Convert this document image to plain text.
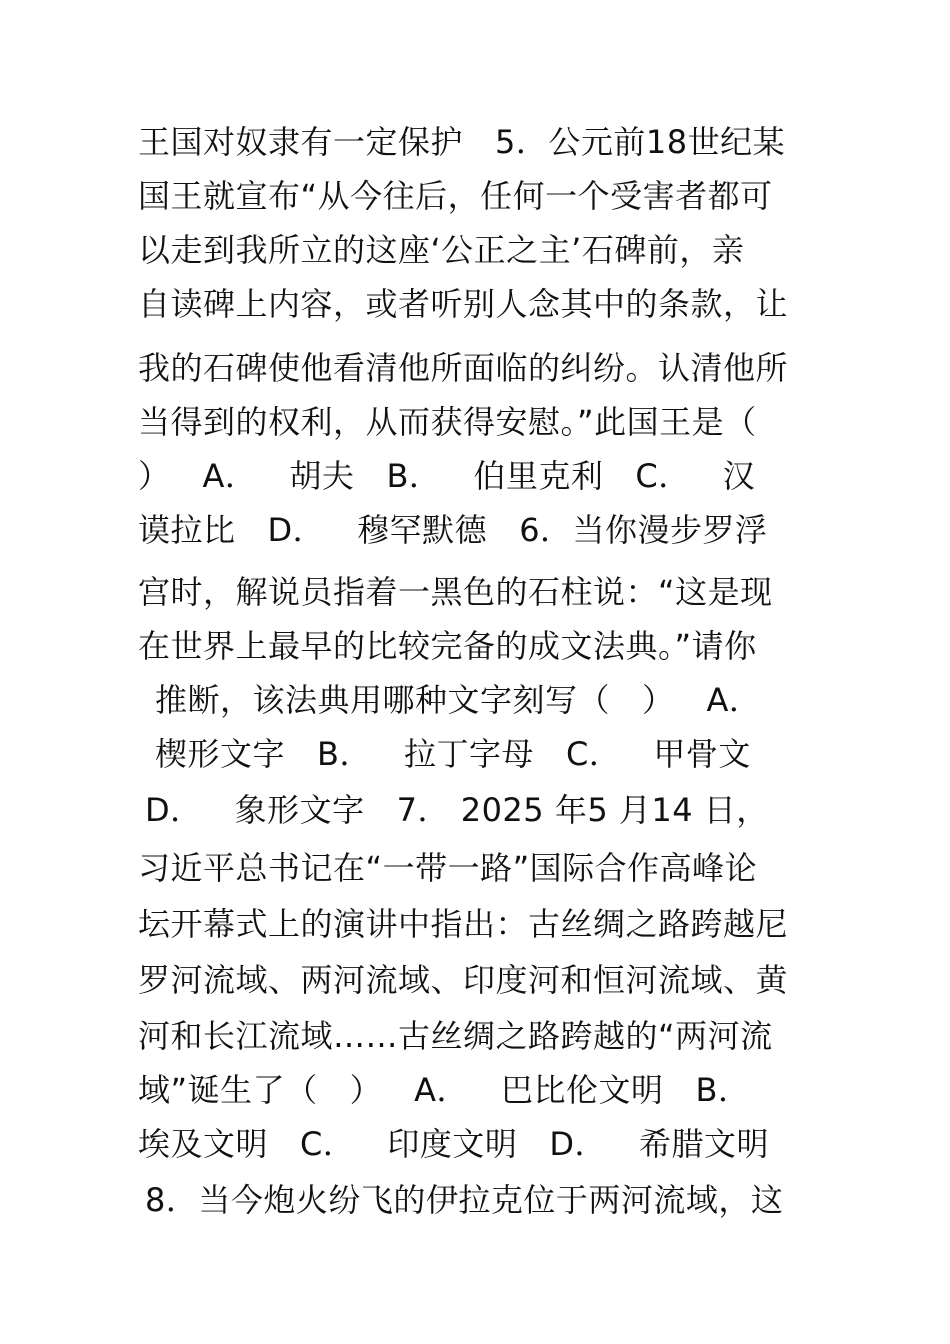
王国对奴隶有一定保护   5．公元前18世纪某
国王就宣布“从今往后，任何一个受害者都可
以走到我所立的这座‘公正之主’石碑前，亲
自读碑上内容，或者听别人念其中的条款，让
我的石碑使他看清他所面临的纠纷。认清他所
当得到的权利，从而获得安慰。”此国王是（
）   A．   胡夫   B．   伯里克利   C．   汉
谟拉比   D．   穆罕默德   6．当你漫步罗浮
宫时，解说员指着一黑色的石柱说：“这是现
在世界上最早的比较完备的成文法典。”请你
推断，该法典用哪种文字刻写（   ）   A．
楔形文字   B．   拉丁字母   C．   甲骨文
D．   象形文字   7． 2025 年5 月14 日，
习近平总书记在“一带一路”国际合作高峰论
坛开幕式上的演讲中指出：古丝绸之路跨越尼
罗河流域、两河流域、印度河和恒河流域、黄
河和长江流域……古丝绸之路跨越的“两河流
域”诞生了（   ）   A．   巴比伦文明   B．
埃及文明   C．   印度文明   D．   希腊文明
8．当今炮火纷飞的伊拉克位于两河流域，这
